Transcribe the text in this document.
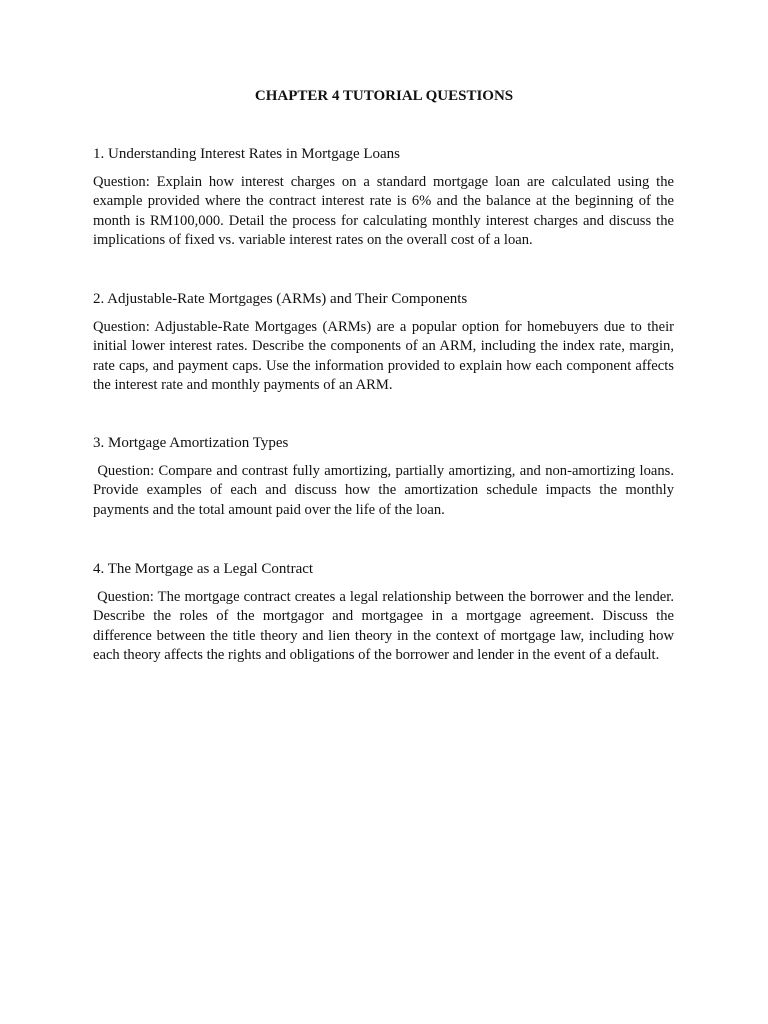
CHAPTER 4 TUTORIAL QUESTIONS

1. Understanding Interest Rates in Mortgage Loans

Question: Explain how interest charges on a standard mortgage loan are calculated using the example provided where the contract interest rate is 6% and the balance at the beginning of the month is RM100,000. Detail the process for calculating monthly interest charges and discuss the implications of fixed vs. variable interest rates on the overall cost of a loan.

2. Adjustable-Rate Mortgages (ARMs) and Their Components

Question: Adjustable-Rate Mortgages (ARMs) are a popular option for homebuyers due to their initial lower interest rates. Describe the components of an ARM, including the index rate, margin, rate caps, and payment caps. Use the information provided to explain how each component affects the interest rate and monthly payments of an ARM.

3. Mortgage Amortization Types

Question: Compare and contrast fully amortizing, partially amortizing, and non-amortizing loans. Provide examples of each and discuss how the amortization schedule impacts the monthly payments and the total amount paid over the life of the loan.

4. The Mortgage as a Legal Contract

Question: The mortgage contract creates a legal relationship between the borrower and the lender. Describe the roles of the mortgagor and mortgagee in a mortgage agreement. Discuss the difference between the title theory and lien theory in the context of mortgage law, including how each theory affects the rights and obligations of the borrower and lender in the event of a default.
